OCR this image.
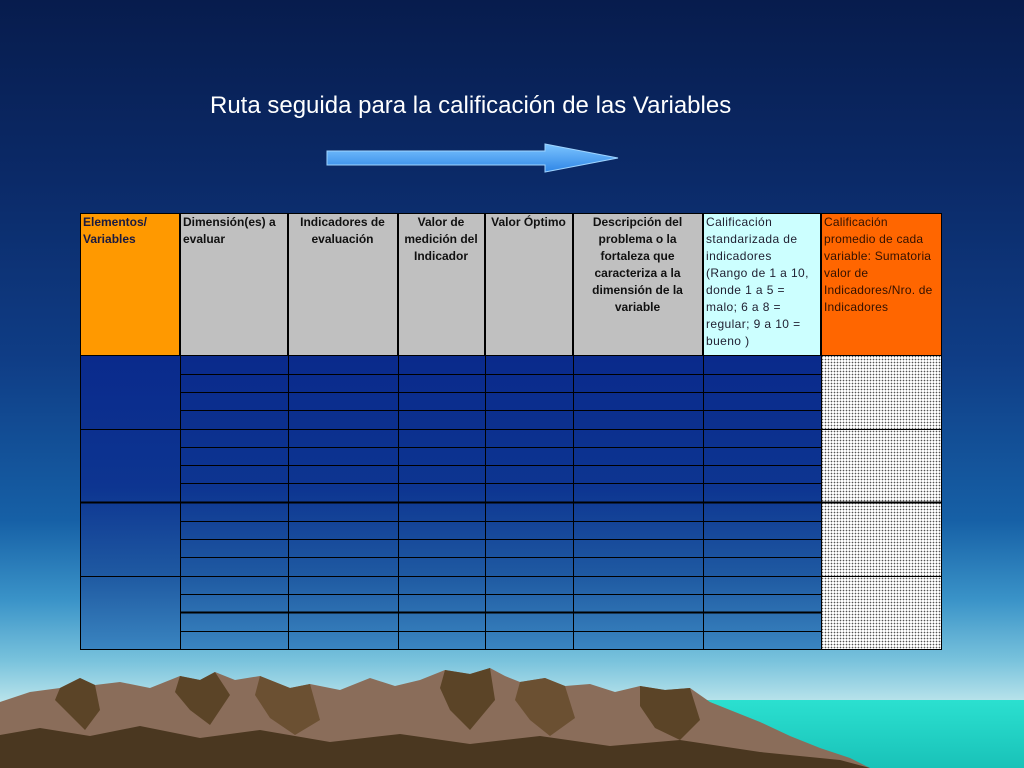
Ruta seguida para la calificación de las Variables
Elementos/ Variables
Dimensión(es) a evaluar
Indicadores de evaluación
Valor de medición del Indicador
Valor Óptimo	Descripción del problema o la fortaleza que caracteriza a la dimensión de la variable
Calificación standarizada de indicadores (Rango de 1 a 10, donde 1 a 5 = malo; 6 a 8 = regular; 9 a 10 = bueno )
Calificación promedio de cada variable: Sumatoria valor de Indicadores/Nro. de Indicadores
